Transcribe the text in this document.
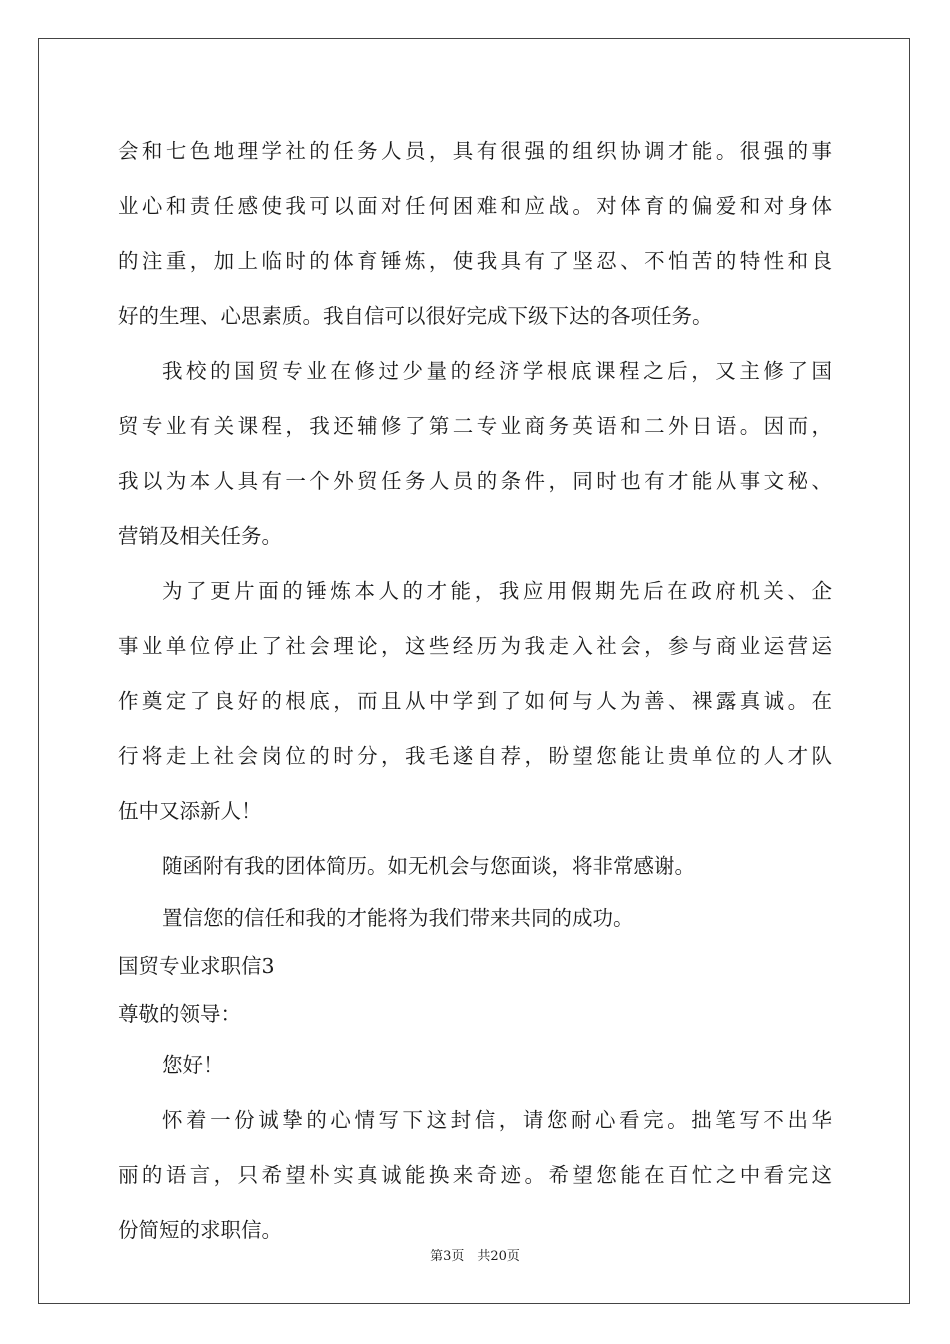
会和七色地理学社的任务人员，具有很强的组织协调才能。很强的事
业心和责任感使我可以面对任何困难和应战。对体育的偏爱和对身体
的注重，加上临时的体育锤炼，使我具有了坚忍、不怕苦的特性和良
好的生理、心思素质。我自信可以很好完成下级下达的各项任务。
我校的国贸专业在修过少量的经济学根底课程之后，又主修了国
贸专业有关课程，我还辅修了第二专业商务英语和二外日语。因而，
我以为本人具有一个外贸任务人员的条件，同时也有才能从事文秘、
营销及相关任务。
为了更片面的锤炼本人的才能，我应用假期先后在政府机关、企
事业单位停止了社会理论，这些经历为我走入社会，参与商业运营运
作奠定了良好的根底，而且从中学到了如何与人为善、裸露真诚。在
行将走上社会岗位的时分，我毛遂自荐，盼望您能让贵单位的人才队
伍中又添新人！
随函附有我的团体简历。如无机会与您面谈，将非常感谢。
置信您的信任和我的才能将为我们带来共同的成功。
国贸专业求职信3
尊敬的领导：
您好！
怀着一份诚挚的心情写下这封信，请您耐心看完。拙笔写不出华
丽的语言，只希望朴实真诚能换来奇迹。希望您能在百忙之中看完这
份简短的求职信。
第3页　共20页
